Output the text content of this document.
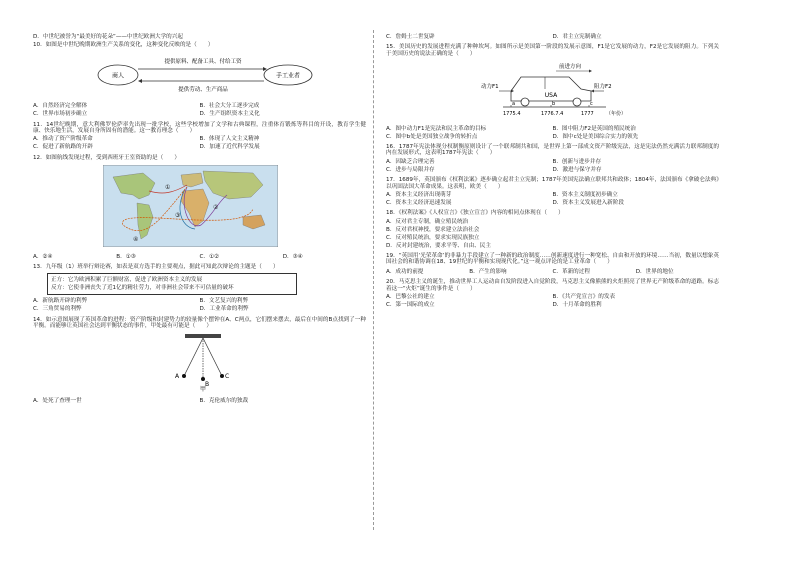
D．中世纪被誉为“最美好的花朵”——中世纪欧洲大学的兴起
10．如图是中世纪晚期欧洲生产关系的变化，这种变化反映的是（　　）
商人	手工业者
提供原料、配备工具、付给工资
提供劳动、生产商品
A．自然经济完全解体	B．社会大分工逐步完成
C．世界市场初步确立	D．生产组织资本主义化
11．14世纪晚期，意大利佛罗伦萨率先出现一批学校，这些学校增加了文学和古典课程，注重体育锻炼等科目的开设，教育学生健康、快乐地生活，发展自身所固有的潜能。这一教育理念（　　）
A．推动了资产阶级革命	B．体现了人文主义精神
C．促进了新航路的开辟	D．加速了近代科学发展
12．如图航线发现过程，受到西班牙王室资助的是（　　）
①
②
③
④
A．②④	B．①③	C．①②	D．③④
13．九年级（1）班举行辩论赛，如表是双方选手的主要观点，据此可知此次辩论的主题是（　　）
正方：它为欧洲积累了巨额财富，促进了欧洲资本主义的发展
反方：它使非洲丧失了近1亿的精壮劳力，对非洲社会带来不可估量的破坏
A．新航路开辟的利弊	B．文艺复兴的利弊
C．三角贸易的利弊	D．工业革命的利弊
14．如示意图展现了英国革命的进程：资产阶级和封建势力的较量像个摆钟在A、C两点，它们摆来摆去，最后在中间的B点找到了一种平衡。而能够让英国社会达到平衡状态的事件，甲处最有可能是（　　）
A
B
C
甲
A．处死了查理一世	B．克伦威尔的独裁
C．詹姆士二世复辟	D．君主立宪制确立
15．美国历史的发展进程充满了种种坎坷。如图所示是美国第一阶段的发展示意图，F1是它发展的动力，F2是它发展的阻力。下列关于美国历史的说法正确的是（　　）
前进方向
USA
动力F1	阻力F2
a	b	c
1775.4	1776.7.4	1777 （年份）
A．图中动力F1是宪法和民主革命的目标	B．图中阻力F2是英国的殖民统治
C．图中b处是美国独立战争的转折点	D．图中c处是美国综合实力的领先
16．1787年宪法体现分权制衡原则设计了一个联邦制共和国，是世界上第一部成文资产阶级宪法，这是宪法仍然充满活力联邦制度的内在发展形式，这表明1787年宪法（　　）
A．因缺乏合理完善	B．创新与进步并存
C．进步与局限并存	D．激进与保守并存
17．1689年，英国颁布《权利法案》逐步确立起君主立宪制；1787年美国宪法确立联邦共和政体；1804年，法国颁布《拿破仑法典》以巩固法国大革命成果。这表明，欧美（　　）
A．资本主义经济出现萌芽	B．资本主义制度初步确立
C．资本主义经济迅速发展	D．资本主义发展进入新阶段
18．《权利法案》《人权宣言》《独立宣言》内容的相同点体现在（　　）
A．反对君主专制，确立殖民统治
B．反对君权神授，要求建立法治社会
C．反对殖民统治，要求实现民族独立
D．反对封建统治，要求平等、自由、民主
19．“英国用‘光荣革命’的非暴力手段建立了一种新的政治制度……创新速度进行一种宽松、自由和开放的环境……当初，数量以想象英国社会的和谐协调在18、19世纪的平衡和实现现代化。”这一观点评论的是工业革命（　　）
A．成功的前提	B．产生的影响	C．革新的过程	D．世界的地位
20．马克思主义的诞生，推动世界工人运动由自发阶段进入自觉阶段，马克思主义像熊熊的火炬照亮了世界无产阶级革命的道路。标志着这一“火炬”诞生的事件是（　　）
A．巴黎公社的建立	B．《共产党宣言》的发表
C．第一国际的成立	D．十月革命的胜利
